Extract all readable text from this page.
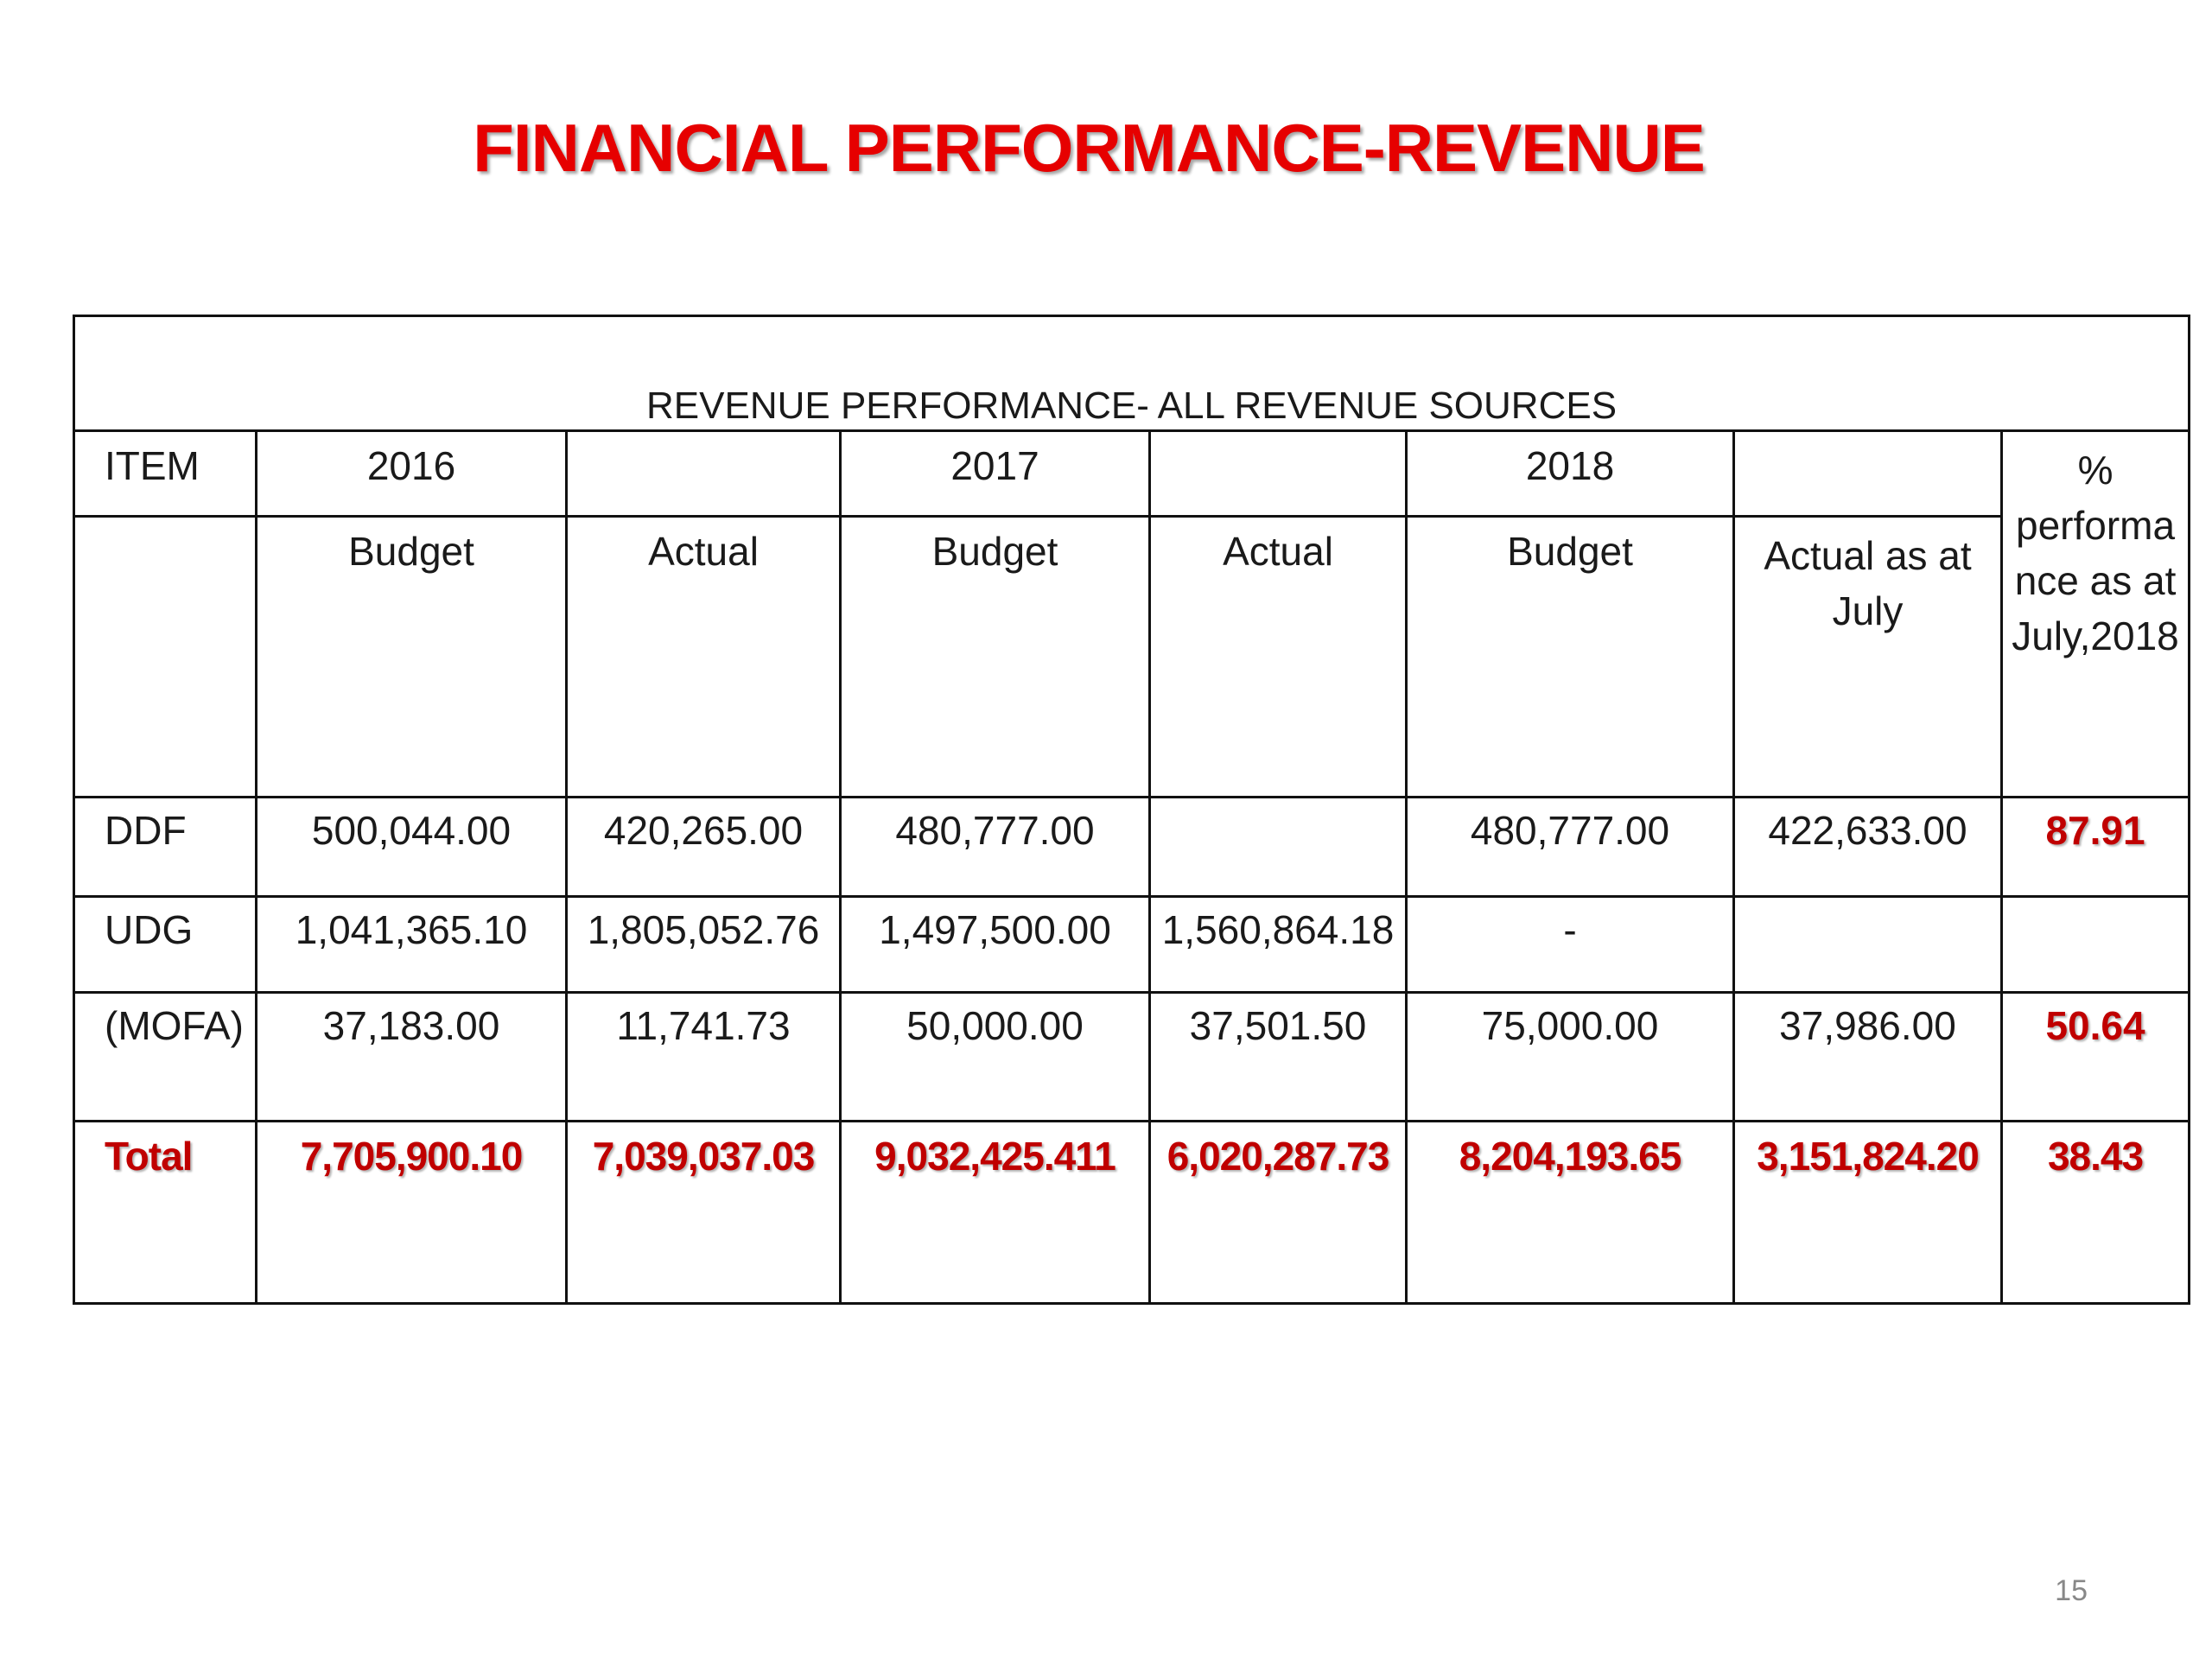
FINANCIAL PERFORMANCE-REVENUE
REVENUE PERFORMANCE- ALL REVENUE SOURCES							
ITEM	2016		2017		2018		%
performa
nce as at
July,2018

	Budget	Actual	Budget	Actual	Budget	Actual as at
July	

DDF	500,044.00	420,265.00	480,777.00		480,777.00	422,633.00	87.91
UDG	1,041,365.10	1,805,052.76	1,497,500.00	1,560,864.18	-		
(MOFA)	37,183.00	11,741.73	50,000.00	37,501.50	75,000.00	37,986.00	50.64
Total	7,705,900.10	7,039,037.03	9,032,425.411	6,020,287.73	8,204,193.65	3,151,824.20	38.43
15
